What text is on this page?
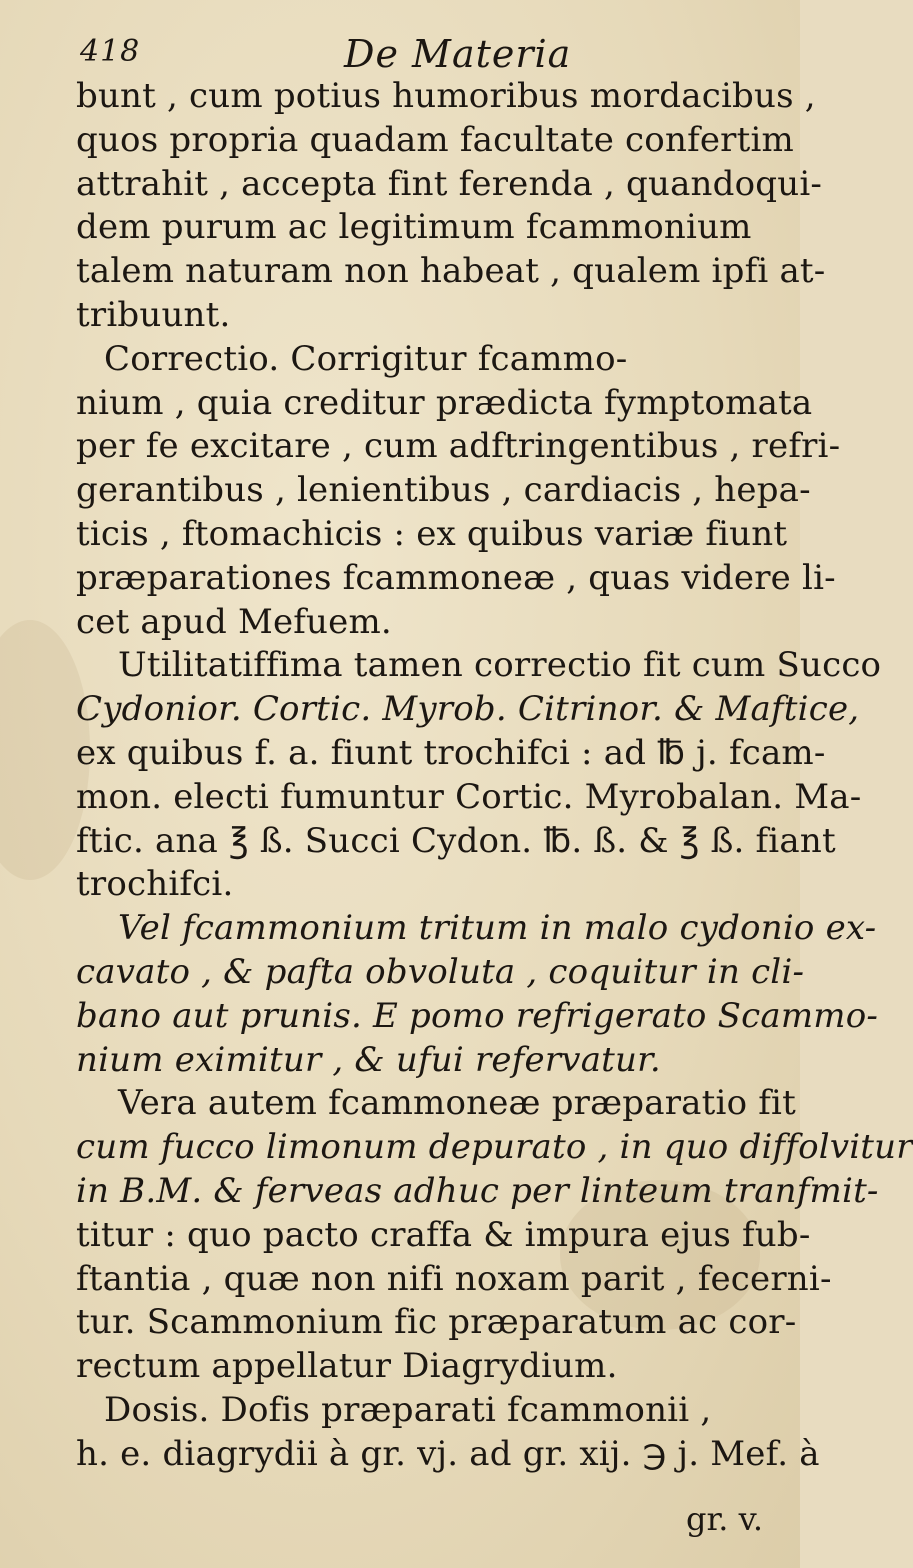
418	De Materia
bunt , cum potius humoribus mordacibus ,
quos propria quadam facultate confertim
attrahit , accepta fint ferenda , quandoqui-
dem purum ac legitimum fcammonium
talem naturam non habeat , qualem ipfi at-
tribuunt.
Correctio. Corrigitur fcammo-
nium , quia creditur prædicta fymptomata
per fe excitare , cum adftringentibus , refri-
gerantibus , lenientibus , cardiacis , hepa-
ticis , ftomachicis : ex quibus variæ fiunt
præparationes fcammoneæ , quas videre li-
cet apud Mefuem.
Utilitatiffima tamen correctio fit cum Succo
Cydonior. Cortic. Myrob. Citrinor. & Maftice,
ex quibus f. a. fiunt trochifci : ad ℔ j. fcam-
mon. electi fumuntur Cortic. Myrobalan. Ma-
ftic. ana ℥ ß. Succi Cydon. ℔. ß. & ℥ ß. fiant
trochifci.
Vel fcammonium tritum in malo cydonio ex-
cavato , & pafta obvoluta , coquitur in cli-
bano aut prunis. E pomo refrigerato Scammo-
nium eximitur , & ufui refervatur.
Vera autem fcammoneæ præparatio fit
cum fucco limonum depurato , in quo diffolvitur
in B.M. & ferveas adhuc per linteum tranfmit-
titur : quo pacto craffa & impura ejus fub-
ftantia , quæ non nifi noxam parit , fecerni-
tur. Scammonium fic præparatum ac cor-
rectum appellatur Diagrydium.
Dosis. Dofis præparati fcammonii ,
h. e. diagrydii à gr. vj. ad gr. xij. ℈ j. Mef. à
gr. v.
